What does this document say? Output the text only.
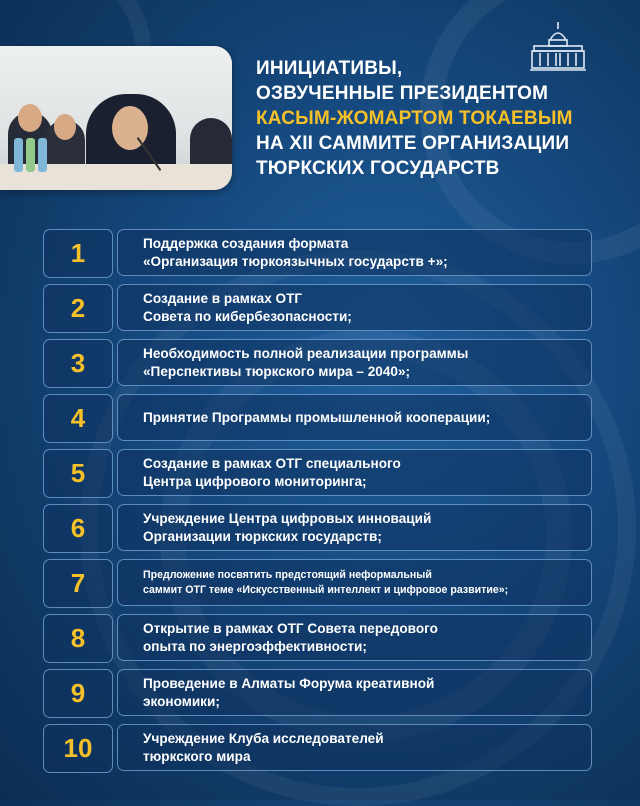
ИНИЦИАТИВЫ,
ОЗВУЧЕННЫЕ ПРЕЗИДЕНТОМ
КАСЫМ-ЖОМАРТОМ ТОКАЕВЫМ
НА XII САММИТЕ ОРГАНИЗАЦИИ
ТЮРКСКИХ ГОСУДАРСТВ
1	Поддержка создания формата
«Организация тюркоязычных государств +»;
2	Создание в рамках ОТГ
Совета по кибербезопасности;
3	Необходимость полной реализации программы
«Перспективы тюркского мира – 2040»;
4	Принятие Программы промышленной кооперации;
5	Создание в рамках ОТГ специального
Центра цифрового мониторинга;
6	Учреждение Центра цифровых инноваций
Организации тюркских государств;
7	Предложение посвятить предстоящий неформальный
саммит ОТГ теме «Искусственный интеллект и цифровое развитие»;
8	Открытие в рамках ОТГ Совета передового
опыта по энергоэффективности;
9	Проведение в Алматы Форума креативной
экономики;
10	Учреждение Клуба исследователей
тюркского мира
